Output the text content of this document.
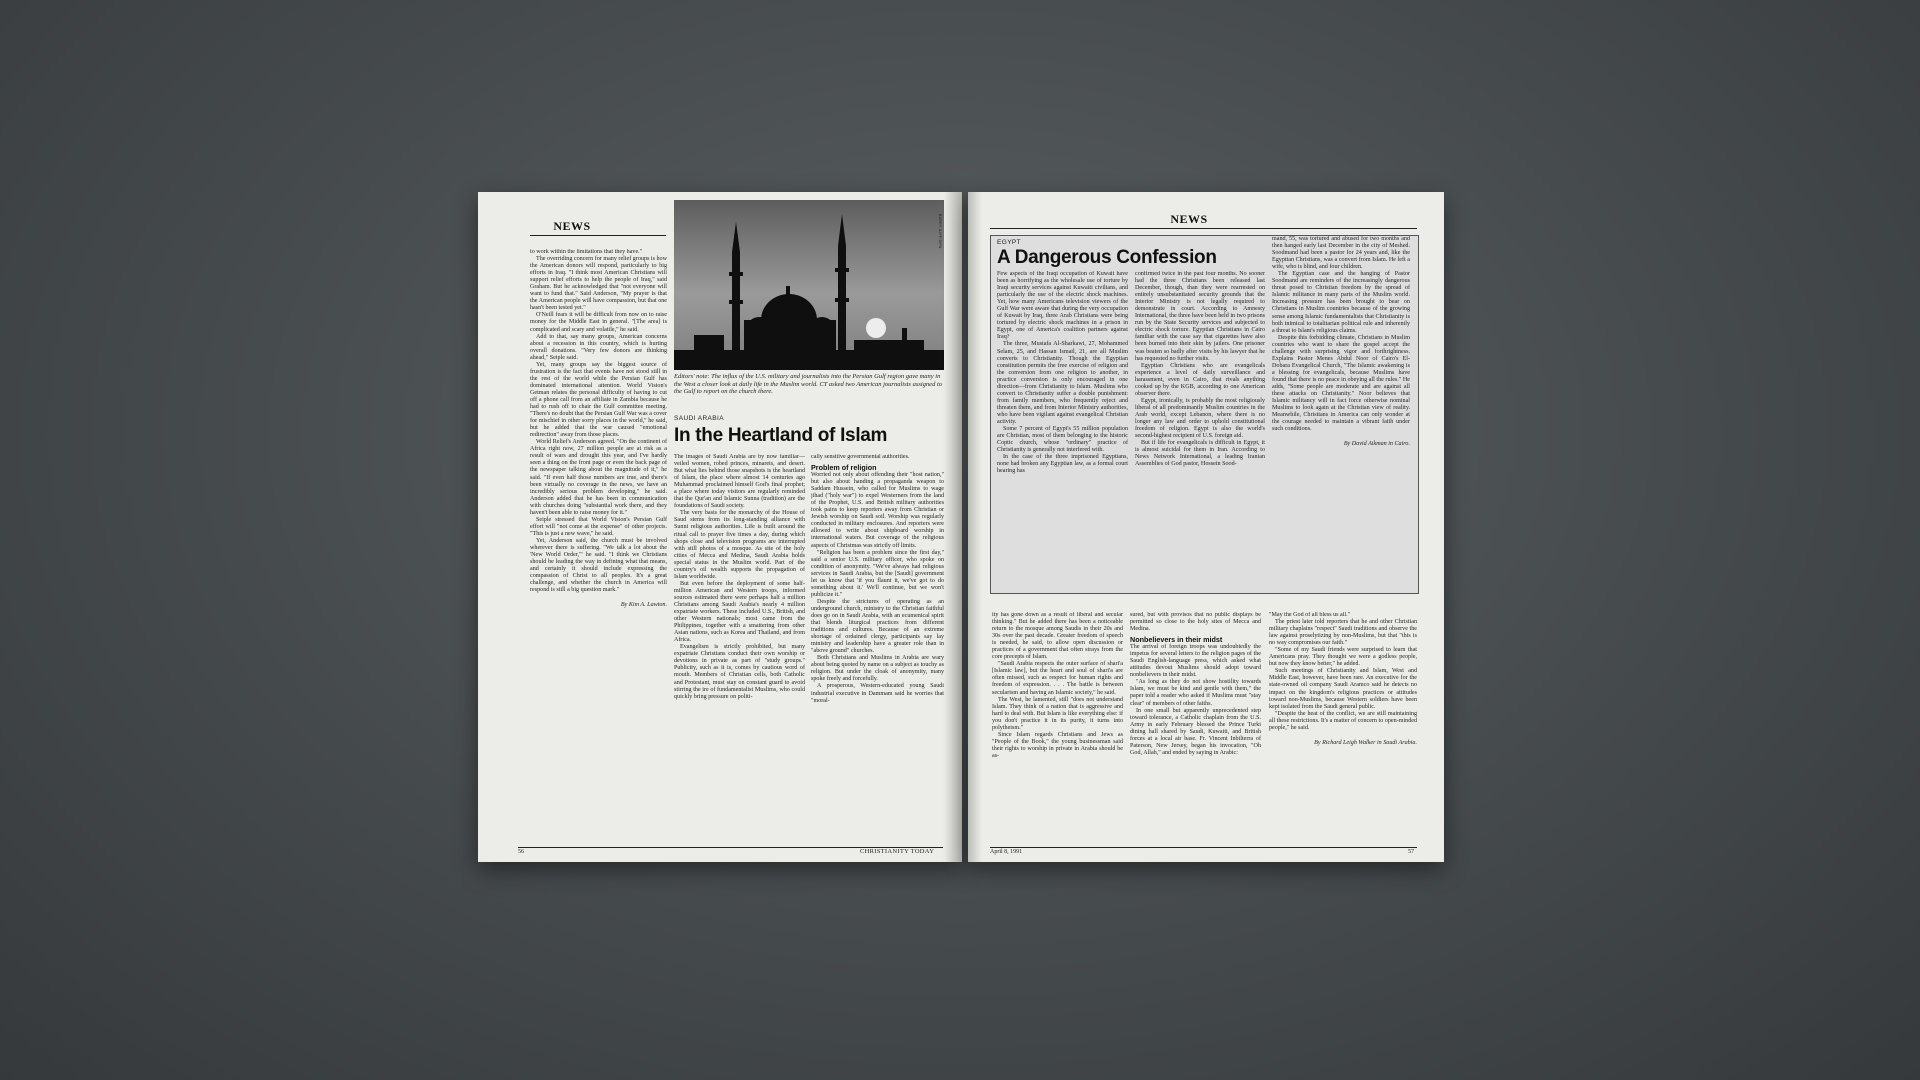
NEWS

to work within the limitations that they have."

The overriding concern for many relief groups is how the American donors will respond, particularly to big efforts in Iraq. "I think most American Christians will support relief efforts to help the people of Iraq," said Graham. But he acknowledged that "not everyone will want to fund that." Said Anderson, "My prayer is that the American people will have compassion, but that one hasn't been tested yet."

O'Neill fears it will be difficult from now on to raise money for the Middle East in general. "[The area] is complicated and scary and volatile," he said.

Add to that, say many groups, American concerns about a recession in this country, which is hurting overall donations. "Very few donors are thinking ahead," Seiple said.

Yet, many groups say the biggest source of frustration is the fact that events have not stood still in the rest of the world while the Persian Gulf has dominated international attention. World Vision's Getman relates the personal difficulty of having to cut off a phone call from an affiliate in Zambia because he had to rush off to chair the Gulf committee meeting. "There's no doubt that the Persian Gulf War was a cover for mischief in other sorry places in the world," he said, but he added that the war caused "emotional redirection" away from those places.

World Relief's Anderson agreed. "On the continent of Africa right now, 27 million people are at risk as a result of wars and drought this year, and I've hardly seen a thing on the front page or even the back page of the newspaper talking about the magnitude of it," he said. "If even half those numbers are true, and there's been virtually no coverage in the news, we have an incredibly serious problem developing," he said. Anderson added that he has been in communication with churches doing "substantial work there, and they haven't been able to raise money for it."

Seiple stressed that World Vision's Persian Gulf effort will "not come at the expense" of other projects. "This is just a new wave," he said.

Yet, Anderson said, the church must be involved wherever there is suffering. "We talk a lot about the 'New World Order,'" he said. "I think we Christians should be leading the way in defining what that means, and certainly it should include expressing the compassion of Christ to all peoples. It's a great challenge, and whether the church in America will respond is still a big question mark."

By Kim A. Lawton.

BARRY ILIFF/SIPA
Editors' note: The influx of the U.S. military and journalists into the Persian Gulf region gave many in the West a closer look at daily life in the Muslim world. CT asked two American journalists assigned to the Gulf to report on the church there.
SAUDI ARABIA
In the Heartland of Islam

The images of Saudi Arabia are by now familiar—veiled women, robed princes, minarets, and desert. But what lies behind those snapshots is the heartland of Islam, the place where almost 14 centuries ago Muhammad proclaimed himself God's final prophet; a place where today visitors are regularly reminded that the Qur'an and Islamic Sunna (tradition) are the foundations of Saudi society.

The very basis for the monarchy of the House of Saud stems from its long-standing alliance with Sunni religious authorities. Life is built around the ritual call to prayer five times a day, during which shops close and television programs are interrupted with still photos of a mosque. As site of the holy cities of Mecca and Medina, Saudi Arabia holds special status in the Muslim world. Part of the country's oil wealth supports the propagation of Islam worldwide.

But even before the deployment of some half-million American and Western troops, informed sources estimated there were perhaps half a million Christians among Saudi Arabia's nearly 4 million expatriate workers. These included U.S., British, and other Western nationals; most came from the Philippines, together with a smattering from other Asian nations, such as Korea and Thailand, and from Africa.

Evangelism is strictly prohibited, but many expatriate Christians conduct their own worship or devotions in private as part of "study groups." Publicity, such as it is, comes by cautious word of mouth. Members of Christian cells, both Catholic and Protestant, must stay on constant guard to avoid stirring the ire of fundamentalist Muslims, who could quickly bring pressure on politi-

cally sensitive governmental authorities.

Problem of religion

Worried not only about offending their "host nation," but also about handing a propaganda weapon to Saddam Hussein, who called for Muslims to wage jihad ("holy war") to expel Westerners from the land of the Prophet, U.S. and British military authorities took pains to keep reporters away from Christian or Jewish worship on Saudi soil. Worship was regularly conducted in military enclosures. And reporters were allowed to write about shipboard worship in international waters. But coverage of the religious aspects of Christmas was strictly off limits.

"Religion has been a problem since the first day," said a senior U.S. military officer, who spoke on condition of anonymity. "We've always had religious services in Saudi Arabia, but the [Saudi] government let us know that 'if you flaunt it, we've got to do something about it.' We'll continue, but we won't publicize it."

Despite the strictures of operating as an underground church, ministry to the Christian faithful does go on in Saudi Arabia, with an ecumenical spirit that blends liturgical practices from different traditions and cultures. Because of an extreme shortage of ordained clergy, participants say lay ministry and leadership have a greater role than in "above ground" churches.

Both Christians and Muslims in Arabia are wary about being quoted by name on a subject as touchy as religion. But under the cloak of anonymity, many spoke freely and forcefully.

A prosperous, Western-educated young Saudi industrial executive in Dammam said he worries that "moral-

56	CHRISTIANITY TODAY
NEWS
EGYPT
A Dangerous Confession

Few aspects of the Iraqi occupation of Kuwait have been as horrifying as the wholesale use of torture by Iraqi security services against Kuwaiti civilians, and particularly the use of the electric shock machines. Yet, how many Americans television viewers of the Gulf War were aware that during the very occupation of Kuwait by Iraq, three Arab Christians were being tortured by electric shock machines in a prison in Egypt, one of America's coalition partners against Iraq?

The three, Mustafa Al-Sharkawi, 27, Mohammed Selam, 25, and Hassan Ismail, 21, are all Muslim converts to Christianity. Though the Egyptian constitution permits the free exercise of religion and the conversion from one religion to another, in practice conversion is only encouraged in one direction—from Christianity to Islam. Muslims who convert to Christianity suffer a double punishment: from family members, who frequently reject and threaten them, and from Interior Ministry authorities, who have been vigilant against evangelical Christian activity.

Some 7 percent of Egypt's 55 million population are Christian, most of them belonging to the historic Coptic church, whose "ordinary" practice of Christianity is generally not interfered with.

In the case of the three imprisoned Egyptians, none had broken any Egyptian law, as a formal court hearing has

confirmed twice in the past four months. No sooner had the three Christians been released last December, though, than they were rearrested on entirely unsubstantiated security grounds that the Interior Ministry is not legally required to demonstrate in court. According to Amnesty International, the three have been held in two prisons run by the State Security services and subjected to electric shock torture. Egyptian Christians in Cairo familiar with the case say that cigarettes have also been burned into their skin by jailers. One prisoner was beaten so badly after visits by his lawyer that he has requested no further visits.

Egyptian Christians who are evangelicals experience a level of daily surveillance and harassment, even in Cairo, that rivals anything cooked up by the KGB, according to one American observer there.

Egypt, ironically, is probably the most religiously liberal of all predominantly Muslim countries in the Arab world, except Lebanon, where there is no longer any law and order to uphold constitutional freedom of religion. Egypt is also the world's second-highest recipient of U.S. foreign aid.

But if life for evangelicals is difficult in Egypt, it is almost suicidal for them in Iran. According to News Network International, a leading Iranian Assemblies of God pastor, Hossein Sood-

mand, 55, was tortured and abused for two months and then hanged early last December in the city of Meshed. Soodmand had been a pastor for 24 years and, like the Egyptian Christians, was a convert from Islam. He left a wife, who is blind, and four children.

The Egyptian case and the hanging of Pastor Soodmand are reminders of the increasingly dangerous threat posed to Christian freedom by the spread of Islamic militance in many parts of the Muslim world. Increasing pressure has been brought to bear on Christians in Muslim countries because of the growing sense among Islamic fundamentalists that Christianity is both inimical to totalitarian political rule and inherently a threat to Islam's religious claims.

Despite this forbidding climate, Christians in Muslim countries who want to share the gospel accept the challenge with surprising vigor and forthrightness. Explains Pastor Menes Abdul Noor of Cairo's El-Dobara Evangelical Church, "The Islamic awakening is a blessing for evangelicals, because Muslims have found that there is no peace in obeying all the rules." He adds, "Some people are moderate and are against all these attacks on Christianity." Noor believes that Islamic militancy will in fact force otherwise nominal Muslims to look again at the Christian view of reality. Meanwhile, Christians in America can only wonder at the courage needed to maintain a vibrant faith under such conditions.

By David Aikman in Cairo.

ity has gone down as a result of liberal and secular thinking." But he added there has been a noticeable return to the mosque among Saudis in their 20s and 30s over the past decade. Greater freedom of speech is needed, he said, to allow open discussion or practices of a government that often strays from the core precepts of Islam.

"Saudi Arabia respects the outer surface of shari'a [Islamic law], but the heart and soul of shari'a are often missed, such as respect for human rights and freedom of expression. . . . The battle is between secularism and having an Islamic society," he said.

The West, he lamented, still "does not understand Islam. They think of a nation that is aggressive and hard to deal with. But Islam is like everything else: if you don't practice it in its purity, it turns into polytheism."

Since Islam regards Christians and Jews as "People of the Book," the young businessman said their rights to worship in private in Arabia should be as-

sured, but with provisos that no public displays be permitted so close to the holy sites of Mecca and Medina.

Nonbelievers in their midst

The arrival of foreign troops was undoubtedly the impetus for several letters to the religion pages of the Saudi English-language press, which asked what attitudes devout Muslims should adopt toward nonbelievers in their midst.

"As long as they do not show hostility towards Islam, we must be kind and gentle with them," the paper told a reader who asked if Muslims must "stay clear" of members of other faiths.

In one small but apparently unprecedented step toward tolerance, a Catholic chaplain from the U.S. Army in early February blessed the Prince Turki dining hall shared by Saudi, Kuwaiti, and British forces at a local air base. Fr. Vincent Inbilterra of Paterson, New Jersey, began his invocation, "Oh God, Allah," and ended by saying in Arabic:

"May the God of all bless us all."

The priest later told reporters that he and other Christian military chaplains "respect" Saudi traditions and observe the law against proselytizing by non-Muslims, but that "this is no way compromises our faith."

"Some of my Saudi friends were surprised to learn that Americans pray. They thought we were a godless people, but now they know better," he added.

Such meetings of Christianity and Islam, West and Middle East, however, have been rare. An executive for the state-owned oil company Saudi Aramco said he detects no impact on the kingdom's religious practices or attitudes toward non-Muslims, because Western soldiers have been kept isolated from the Saudi general public.

"Despite the heat of the conflict, we are still maintaining all these restrictions. It's a matter of concern to open-minded people," he said.

By Richard Leigh Walker in Saudi Arabia.

April 8, 1991	57
